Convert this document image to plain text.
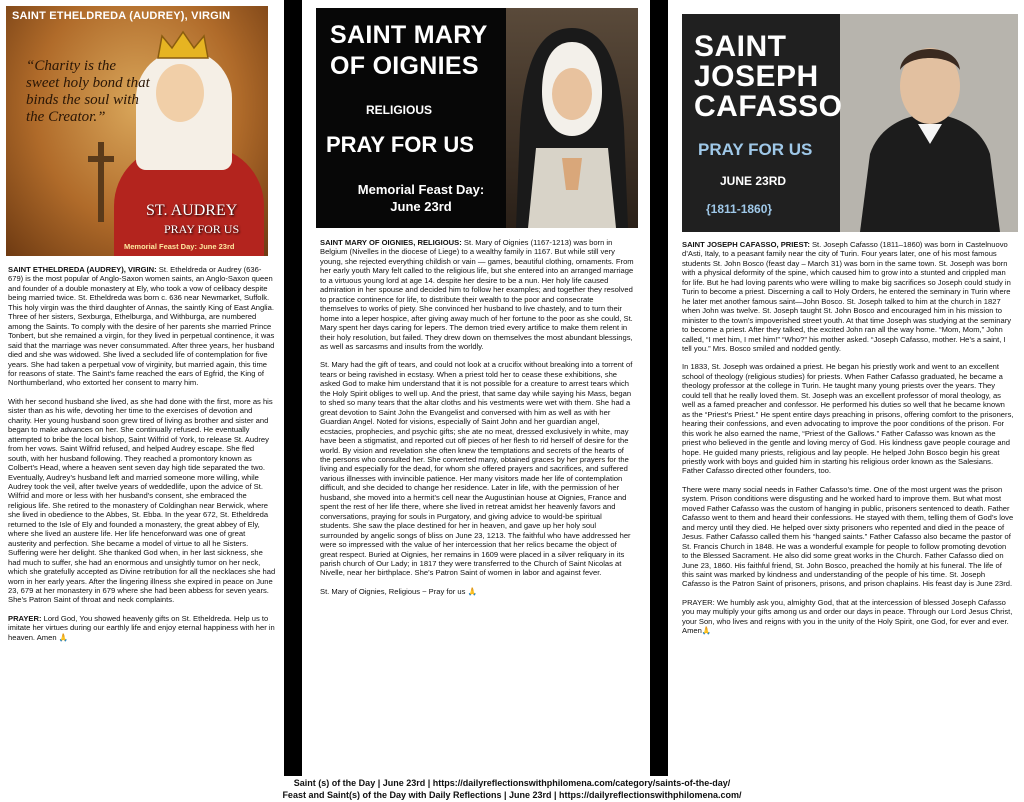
SAINT ETHELDREDA (AUDREY), VIRGIN
“Charity is the sweet holy bond that binds the soul with the Creator.”
ST. AUDREY
PRAY FOR US
Memorial Feast Day: June 23rd

SAINT ETHELDREDA (AUDREY), VIRGIN: St. Etheldreda or Audrey (636-679) is the most popular of Anglo-Saxon women saints, an Anglo-Saxon queen and founder of a double monastery at Ely, who took a vow of celibacy despite being married twice. St. Etheldreda was born c. 636 near Newmarket, Suffolk. This holy virgin was the third daughter of Annas, the saintly King of East Anglia. Three of her sisters, Sexburga, Ethelburga, and Withburga, are numbered among the Saints. To comply with the desire of her parents she married Prince Tonbert, but she remained a virgin, for they lived in perpetual continence, it was said that the marriage was never consummated. After three years, her husband died and she was widowed. She lived a secluded life of contemplation for five years. She had taken a perpetual vow of virginity, but married again, this time for reasons of state. The Saint’s fame reached the ears of Egfrid, the King of Northumberland, who extorted her consent to marry him.

With her second husband she lived, as she had done with the first, more as his sister than as his wife, devoting her time to the exercises of devotion and charity. Her young husband soon grew tired of living as brother and sister and began to make advances on her. She continually refused. He eventually attempted to bribe the local bishop, Saint Wilfrid of York, to release St. Audrey from her vows. Saint Wilfrid refused, and helped Audrey escape. She fled south, with her husband following. They reached a promontory known as Colbert’s Head, where a heaven sent seven day high tide separated the two. Eventually, Audrey’s husband left and married someone more willing, while Audrey took the veil, after twelve years of weddedlife, upon the advice of St. Wilfrid and more or less with her husband’s consent, she embraced the religious life. She retired to the monastery of Coldinghan near Berwick, where she lived in obedience to the Abbes, St. Ebba. In the year 672, St. Etheldreda returned to the Isle of Ely and founded a monastery, the great abbey of Ely, where she lived an austere life. Her life henceforward was one of great austerity and perfection. She became a model of virtue to all he Sisters. Suffering were her delight. She thanked God when, in her last sickness, she had much to suffer, she had an enormous and unsightly tumor on her neck, which she gratefully accepted as Divine retribution for all the necklaces she had worn in her early years. After the lingering illness she expired in peace on June 23, 679 at her monastery in 679 where she had been abbess for seven years. She’s Patron Saint of throat and neck complaints.

PRAYER: Lord God, You showed heavenly gifts on St. Etheldreda. Help us to imitate her virtues during our earthly life and enjoy eternal happiness with her in heaven. Amen 🙏

SAINT MARY OF OIGNIES
RELIGIOUS
PRAY FOR US
Memorial Feast Day: June 23rd

SAINT MARY OF OIGNIES, RELIGIOUS: St. Mary of Oignies (1167-1213) was born in Belgium (Nivelles in the diocese of Liege) to a wealthy family in 1167. But while still very young, she rejected everything childish or vain — games, beautiful clothing, ornaments. From her early youth Mary felt called to the religious life, but she entered into an arranged marriage to a virtuous young lord at age 14. despite her desire to be a nun. Her holy life caused admiration in her spouse and decided him to follow her examples; and together they resolved to practice continence for life, to distribute their wealth to the poor and consecrate themselves to works of piety. She convinced her husband to live chastely, and to turn their home into a leper hospice, after giving away much of her fortune to the poor as she could, St. Mary spent her days caring for lepers. The demon tried every artifice to make them relent in their holy resolution, but failed. They drew down on themselves the most abundant blessings, as well as sarcasms and insults from the worldly.

St. Mary had the gift of tears, and could not look at a crucifix without breaking into a torrent of tears or being ravished in ecstasy. When a priest told her to cease these exhibitions, she asked God to make him understand that it is not possible for a creature to arrest tears which the Holy Spirit obliges to well up. And the priest, that same day while saying his Mass, began to shed so many tears that the altar cloths and his vestments were wet with them. She had a great devotion to Saint John the Evangelist and conversed with him as well as with her Guardian Angel. Noted for visions, especially of Saint John and her guardian angel, ecstacies, prophecies, and psychic gifts; she ate no meat, dressed exclusively in white, may have been a stigmatist, and reported cut off pieces of her flesh to rid herself of desire for the world. By vision and revelation she often knew the temptations and secrets of the hearts of the persons who consulted her. She converted many, obtained graces by her prayers for the living and especially for the dead, for whom she offered prayers and sacrifices, and suffered various illnesses with invincible patience. Her many visitors made her life of contemplation difficult, and she decided to change her residence. Later in life, with the permission of her husband, she moved into a hermit’s cell near the Augustinian house at Oignies, France and spent the rest of her life there, where she lived in retreat amidst her heavenly favors and conversations, praying for souls in Purgatory, and giving advice to would-be spiritual students. She saw the place destined for her in heaven, and gave up her holy soul surrounded by angelic songs of bliss on June 23, 1213. The faithful who have addressed her were so impressed with the value of her intercession that her relics became the object of great respect. Buried at Oignies, her remains in 1609 were placed in a silver reliquary in its parish church of Our Lady; in 1817 they were transferred to the Church of Saint Nicolas at Nivelle, near her birthplace. She’s Patron Saint of women in labor and against fever.

St. Mary of Oignies, Religious ~ Pray for us 🙏

SAINT
JOSEPH
CAFASSO
PRAY FOR US
JUNE 23RD
{1811-1860}

SAINT JOSEPH CAFASSO, PRIEST: St. Joseph Cafasso (1811–1860) was born in Castelnuovo d’Asti, Italy, to a peasant family near the city of Turin. Four years later, one of his most famous students St. John Bosco (feast day – March 31) was born in the same town. St. Joseph was born with a physical deformity of the spine, which caused him to grow into a stunted and crippled man for life. But he had loving parents who were willing to make big sacrifices so Joseph could study in Turin to become a priest. Discerning a call to Holy Orders, he entered the seminary in Turin where he later met another famous saint—John Bosco. St. Joseph talked to him at the church in 1827 when John was twelve. St. Joseph taught St. John Bosco and encouraged him in his mission to minister to the town’s impoverished street youth. At that time Joseph was studying at the seminary to become a priest. After they talked, the excited John ran all the way home. “Mom, Mom,” John called, “I met him, I met him!” “Who?” his mother asked. “Joseph Cafasso, mother. He’s a saint, I tell you.” Mrs. Bosco smiled and nodded gently.

In 1833, St. Joseph was ordained a priest. He began his priestly work and went to an excellent school of theology (religious studies) for priests. When Father Cafasso graduated, he became a theology professor at the college in Turin. He taught many young priests over the years. They could tell that he really loved them. St. Joseph was an excellent professor of moral theology, as well as a famed preacher and confessor. He performed his duties so well that he became known as the “Priest’s Priest.” He spent entire days preaching in prisons, offering comfort to the prisoners, hearing their confessions, and even advocating to improve the poor conditions of the prison. For this work he also earned the name, “Priest of the Gallows.” Father Cafasso was known as the priest who believed in the gentle and loving mercy of God. His kindness gave people courage and hope. He guided many priests, religious and lay people. He helped John Bosco begin his great priestly work with boys and guided him in starting his religious order known as the Salesians. Father Cafasso directed other founders, too.

There were many social needs in Father Cafasso’s time. One of the most urgent was the prison system. Prison conditions were disgusting and he worked hard to improve them. But what most moved Father Cafasso was the custom of hanging in public, prisoners sentenced to death. Father Cafasso went to them and heard their confessions. He stayed with them, telling them of God’s love and mercy until they died. He helped over sixty prisoners who repented and died in the peace of Jesus. Father Cafasso called them his “hanged saints.” Father Cafasso also became the pastor of St. Francis Church in 1848. He was a wonderful example for people to follow promoting devotion to the Blessed Sacrament. He also did some great works in the Church. Father Cafasso died on June 23, 1860. His faithful friend, St. John Bosco, preached the homily at his funeral. The life of this saint was marked by kindness and understanding of the people of his time. St. Joseph Cafasso is the Patron Saint of prisoners, prisons, and prison chaplains. His feast day is June 23rd.

PRAYER: We humbly ask you, almighty God, that at the intercession of blessed Joseph Cafasso you may multiply your gifts among us and order our days in peace. Through our Lord Jesus Christ, your Son, who lives and reigns with you in the unity of the Holy Spirit, one God, for ever and ever. Amen🙏

Saint (s) of the Day | June 23rd | https://dailyreflectionswithphilomena.com/category/saints-of-the-day/
Feast and Saint(s) of the Day with Daily Reflections | June 23rd | https://dailyreflectionswithphilomena.com/
